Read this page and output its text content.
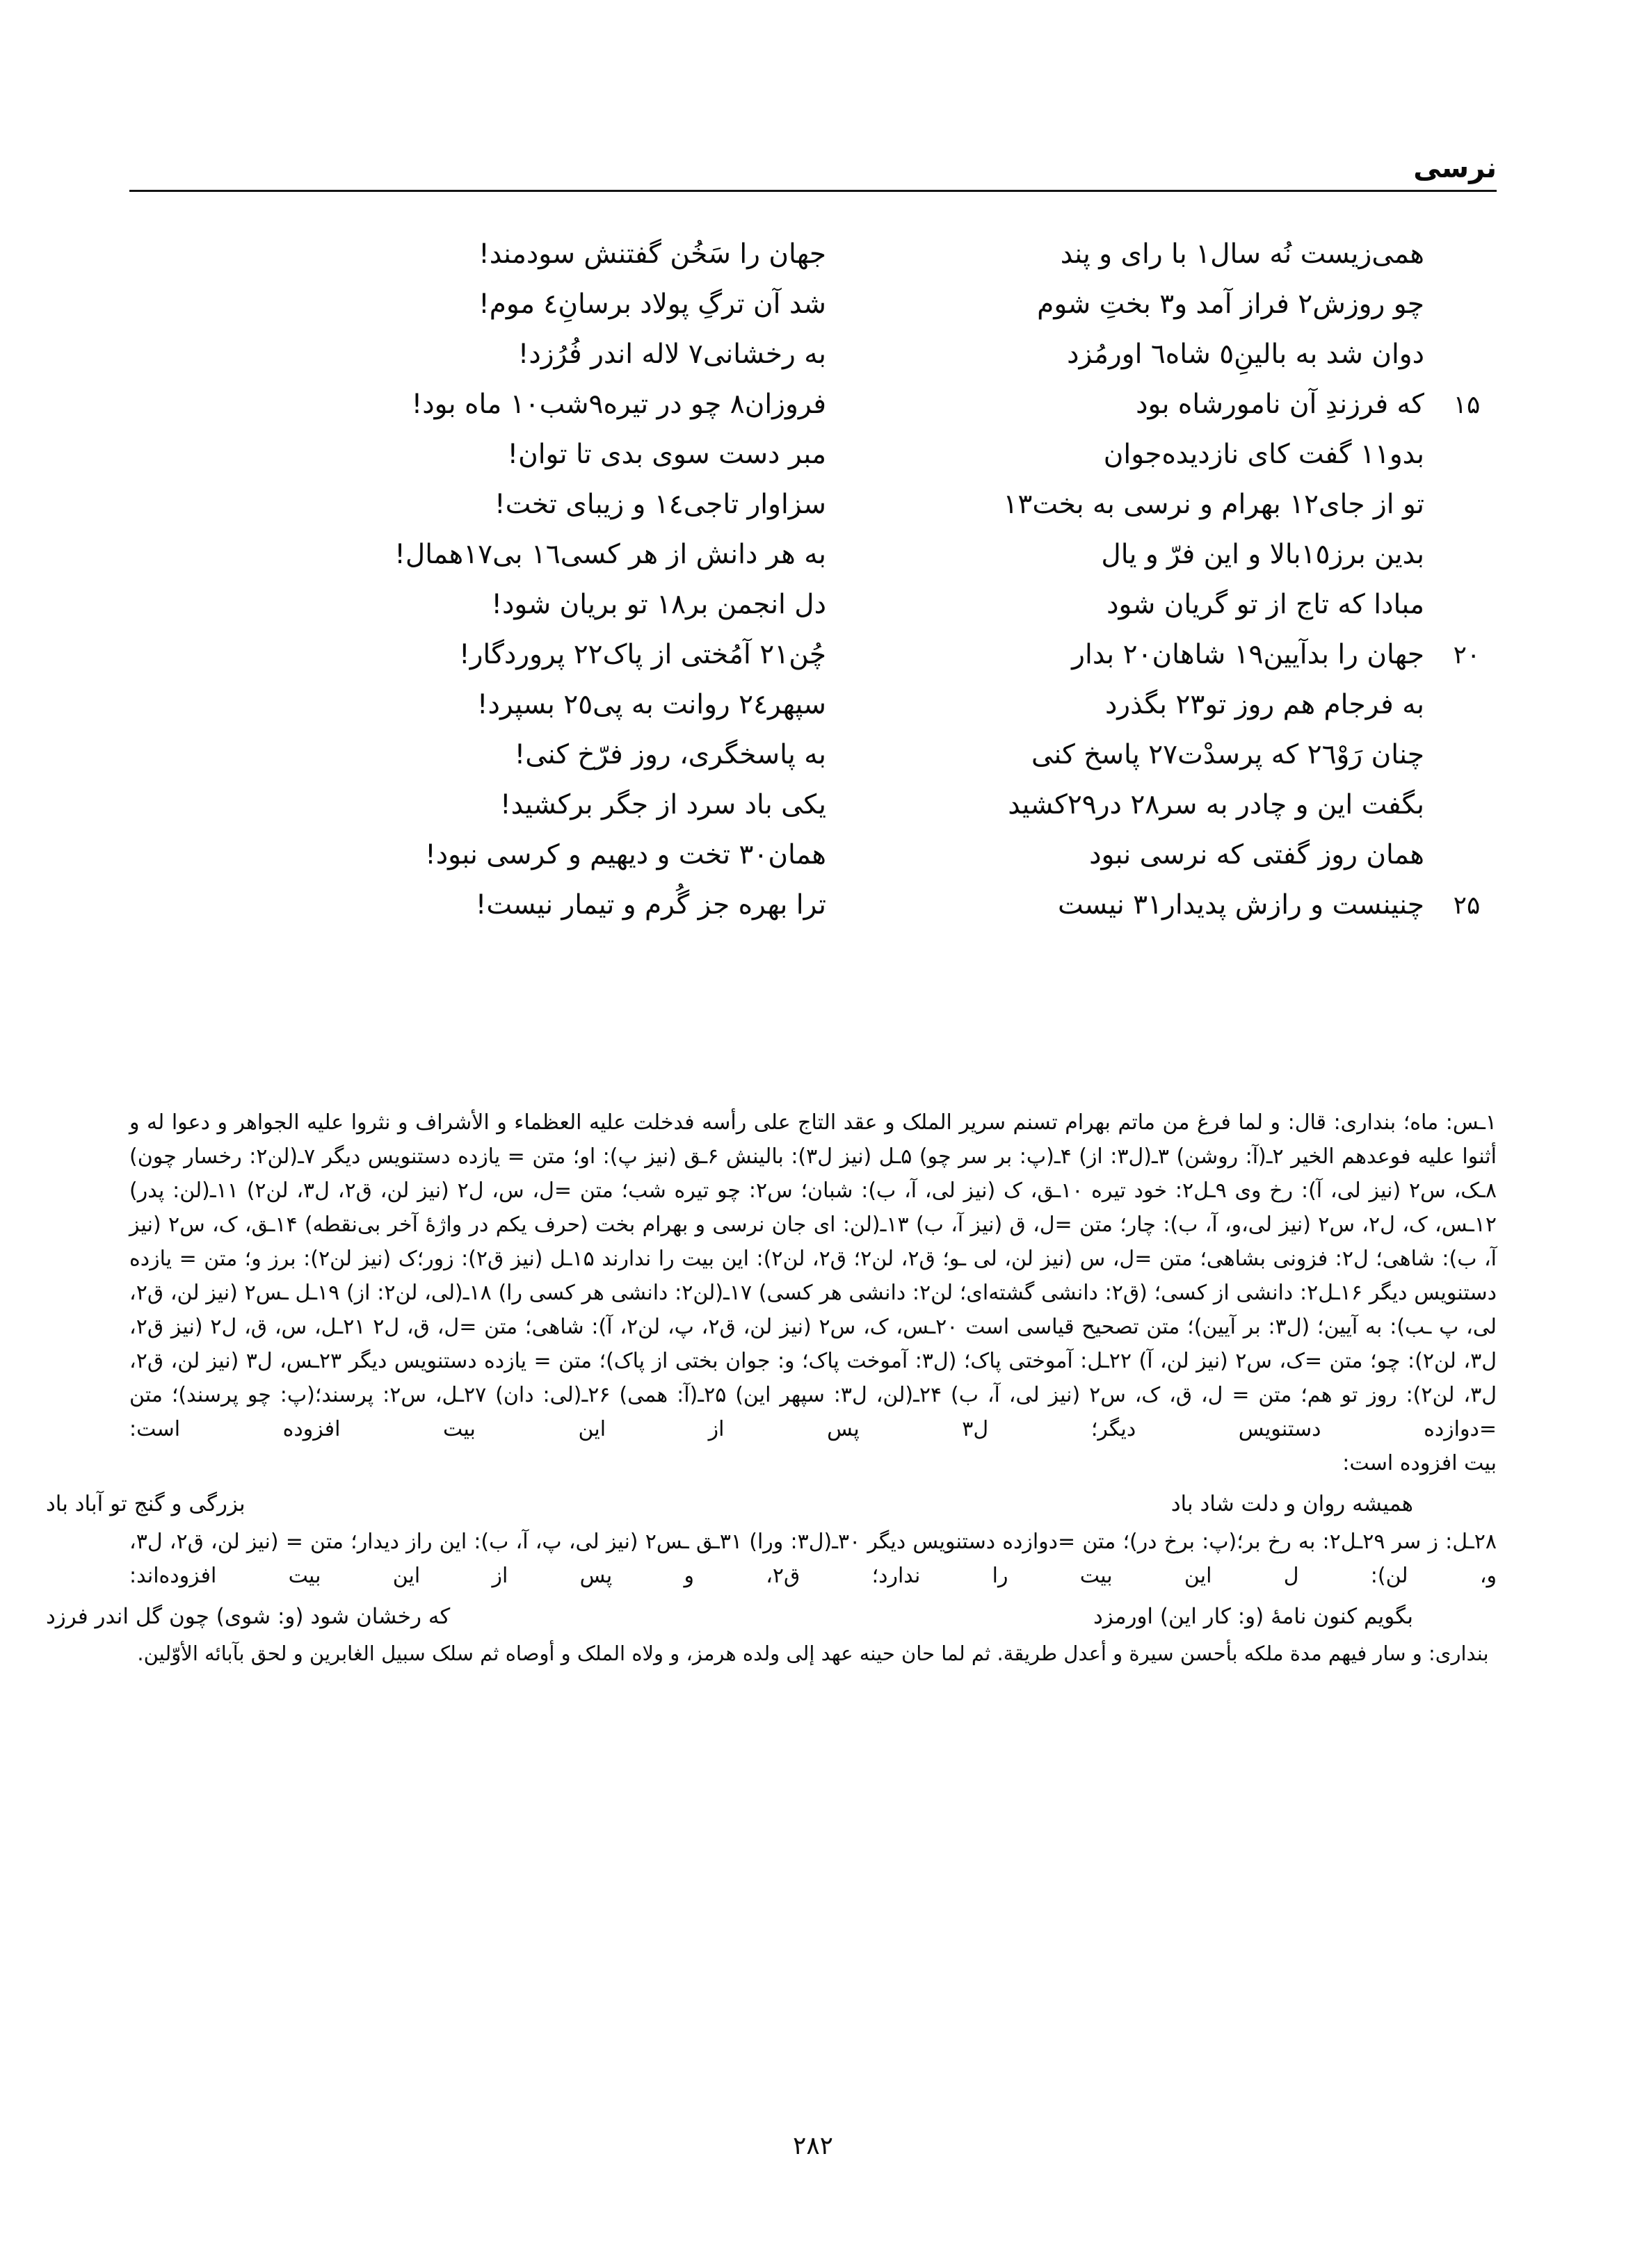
نرسی
همی‌زیست نُه سال١ با رای و پند
جهان را سَخُن گفتنش سودمند!
چو روزش٢ فراز آمد و٣ بختِ شوم
شد آن ترگِ پولاد برسانِ٤ موم!
دوان شد به بالینِ٥ شاه٦ اورمُزد
به رخشانی٧ لاله اندر فُرُزد!
۱۵
که فرزندِ آن نامورشاه بود
فروزان٨ چو در تیره٩شب١٠ ماه بود!
بدو١١ گفت کای نازدیده‌جوان
مبر دست سوی بدی تا توان!
تو از جای١٢ بهرام و نرسی به بخت١٣
سزاوار تاجی١٤ و زیبای تخت!
بدین برز١٥بالا و این فرّ و یال
به هر دانش از هر کسی١٦ بی١٧همال!
مبادا که تاج از تو گریان شود
دل انجمن بر١٨ تو بریان شود!
۲۰
جهان را بدآیین١٩ شاهان٢٠ بدار
چُن٢١ آمُختی از پاک٢٢ پروردگار!
به فرجام هم روز تو٢٣ بگذرد
سپهر٢٤ روانت به پی٢٥ بسپرد!
چنان رَوْ٢٦ که پرسدْت٢٧ پاسخ کنی
به پاسخگری، روز فرّخ کنی!
بگفت این و چادر به سر٢٨ در٢٩کشید
یکی باد سرد از جگر برکشید!
همان روز گفتی که نرسی نبود
همان٣٠ تخت و دیهیم و کرسی نبود!
۲۵
چنینست و رازش پدیدار٣١ نیست
ترا بهره جز گُرم و تیمار نیست!

۱ـس: ماه؛ بنداری: قال: و لما فرغ من ماتم بهرام تسنم سریر الملک و عقد التاج علی رأسه فدخلت علیه العظماء و الأشراف و نثروا علیه الجواهر و دعوا له و أثنوا علیه فوعدهم الخیر ۲ـ(آ: روشن) ۳ـ(ل۳: از) ۴ـ(پ: بر سر چو) ۵ـل (نیز ل۳): بالینش ۶ـق (نیز پ): او؛ متن = یازده دستنویس دیگر ۷ـ(لن۲: رخسار چون) ۸ـک، س۲ (نیز لی، آ): رخ وی ۹ـل۲: خود تیره ۱۰ـق، ک (نیز لی، آ، ب): شبان؛ س۲: چو تیره شب؛ متن =ل، س، ل۲ (نیز لن، ق۲، ل۳، لن۲) ۱۱ـ(لن: پدر) ۱۲ـس، ک، ل۲، س۲ (نیز لی،و، آ، ب): چار؛ متن =ل، ق (نیز آ، ب) ۱۳ـ(لن: ای جان نرسی و بهرام بخت (حرف یکم در واژهٔ آخر بی‌نقطه) ۱۴ـق، ک، س۲ (نیز آ، ب): شاهی؛ ل۲: فزونی بشاهی؛ متن =ل، س (نیز لن، لی ـو؛ ق۲، لن۲؛ ق۲، لن۲): این بیت را ندارند ۱۵ـل (نیز ق۲): زور؛ک (نیز لن۲): برز و؛ متن = یازده دستنویس دیگر ۱۶ـل۲: دانشی از کسی؛ (ق۲: دانشی گشته‌ای؛ لن۲: دانشی هر کسی) ۱۷ـ(لن۲: دانشی هر کسی را) ۱۸ـ(لی، لن۲: از) ۱۹ـل ـس۲ (نیز لن، ق۲، لی، پ ـب): به آیین؛ (ل۳: بر آیین)؛ متن تصحیح قیاسی است ۲۰ـس، ک، س۲ (نیز لن، ق۲، پ، لن۲، آ): شاهی؛ متن =ل، ق، ل۲ ۲۱ـل، س، ق، ل۲ (نیز ق۲، ل۳، لن۲): چو؛ متن =ک، س۲ (نیز لن، آ) ۲۲ـل: آموختی پاک؛ (ل۳: آموخت پاک؛ و: جوان بختی از پاک)؛ متن = یازده دستنویس دیگر ۲۳ـس، ل۳ (نیز لن، ق۲، ل۳، لن۲): روز تو هم؛ متن = ل، ق، ک، س۲ (نیز لی، آ، ب) ۲۴ـ(لن، ل۳: سپهر این) ۲۵ـ(آ: همی) ۲۶ـ(لی: دان) ۲۷ـل، س۲: پرسند؛(پ: چو پرسند)؛ متن =دوازده دستنویس دیگر؛ ل۳ پس از این بیت افزوده است:

بیت افزوده است:

همیشه روان و دلت شاد باد
بزرگی و گنج تو آباد باد

۲۸ـل: ز سر ۲۹ـل۲: به رخ بر؛(پ: برخ در)؛ متن =دوازده دستنویس دیگر ۳۰ـ(ل۳: ورا) ۳۱ـق ـس۲ (نیز لی، پ، آ، ب): این راز دیدار؛ متن = (نیز لن، ق۲، ل۳، و، لن): ل این بیت را ندارد؛ ق۲، و پس از این بیت افزوده‌اند:

بگویم کنون نامهٔ (و: کار این) اورمزد
که رخشان شود (و: شوی) چون گل اندر فرزد

بنداری: و سار فیهم مدة ملکه بأحسن سیرة و أعدل طریقة. ثم لما حان حینه عهد إلی ولده هرمز، و ولاه الملک و أوصاه ثم سلک سبیل الغابرین و لحق بآبائه الأوّلین.

۲۸۲
